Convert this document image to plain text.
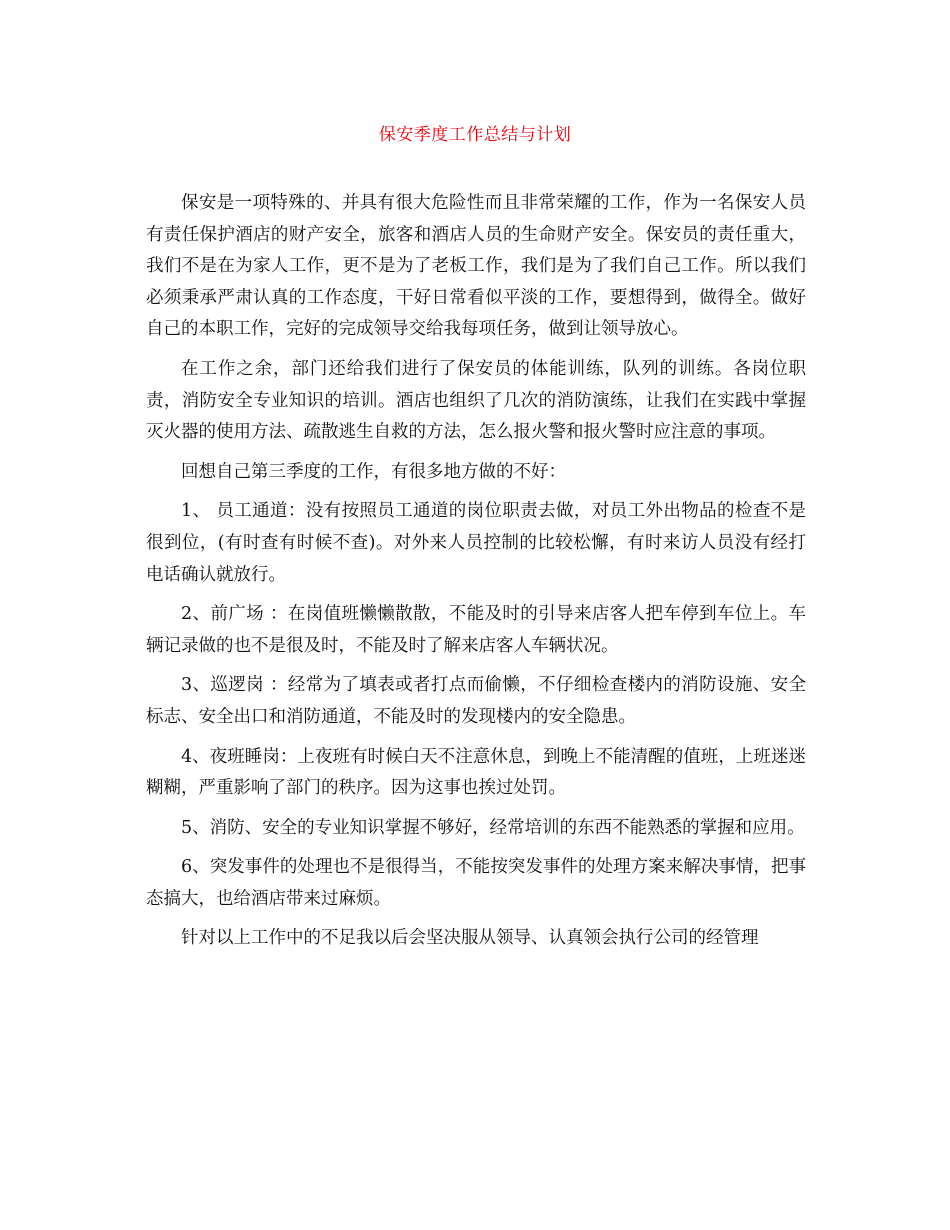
保安季度工作总结与计划

保安是一项特殊的、并具有很大危险性而且非常荣耀的工作，作为一名保安人员有责任保护酒店的财产安全，旅客和酒店人员的生命财产安全。保安员的责任重大，我们不是在为家人工作，更不是为了老板工作，我们是为了我们自己工作。所以我们必须秉承严肃认真的工作态度，干好日常看似平淡的工作，要想得到，做得全。做好自己的本职工作，完好的完成领导交给我每项任务，做到让领导放心。

在工作之余，部门还给我们进行了保安员的体能训练，队列的训练。各岗位职责，消防安全专业知识的培训。酒店也组织了几次的消防演练，让我们在实践中掌握灭火器的使用方法、疏散逃生自救的方法，怎么报火警和报火警时应注意的事项。

回想自己第三季度的工作，有很多地方做的不好：

1、 员工通道：没有按照员工通道的岗位职责去做，对员工外出物品的检查不是很到位，(有时查有时候不查)。对外来人员控制的比较松懈，有时来访人员没有经打电话确认就放行。

2、前广场 ：在岗值班懒懒散散，不能及时的引导来店客人把车停到车位上。车辆记录做的也不是很及时，不能及时了解来店客人车辆状况。

3、巡逻岗 ：经常为了填表或者打点而偷懒，不仔细检查楼内的消防设施、安全标志、安全出口和消防通道，不能及时的发现楼内的安全隐患。

4、夜班睡岗：上夜班有时候白天不注意休息，到晚上不能清醒的值班，上班迷迷糊糊，严重影响了部门的秩序。因为这事也挨过处罚。

5、消防、安全的专业知识掌握不够好，经常培训的东西不能熟悉的掌握和应用。

6、突发事件的处理也不是很得当，不能按突发事件的处理方案来解决事情，把事态搞大，也给酒店带来过麻烦。

针对以上工作中的不足我以后会坚决服从领导、认真领会执行公司的经管理
